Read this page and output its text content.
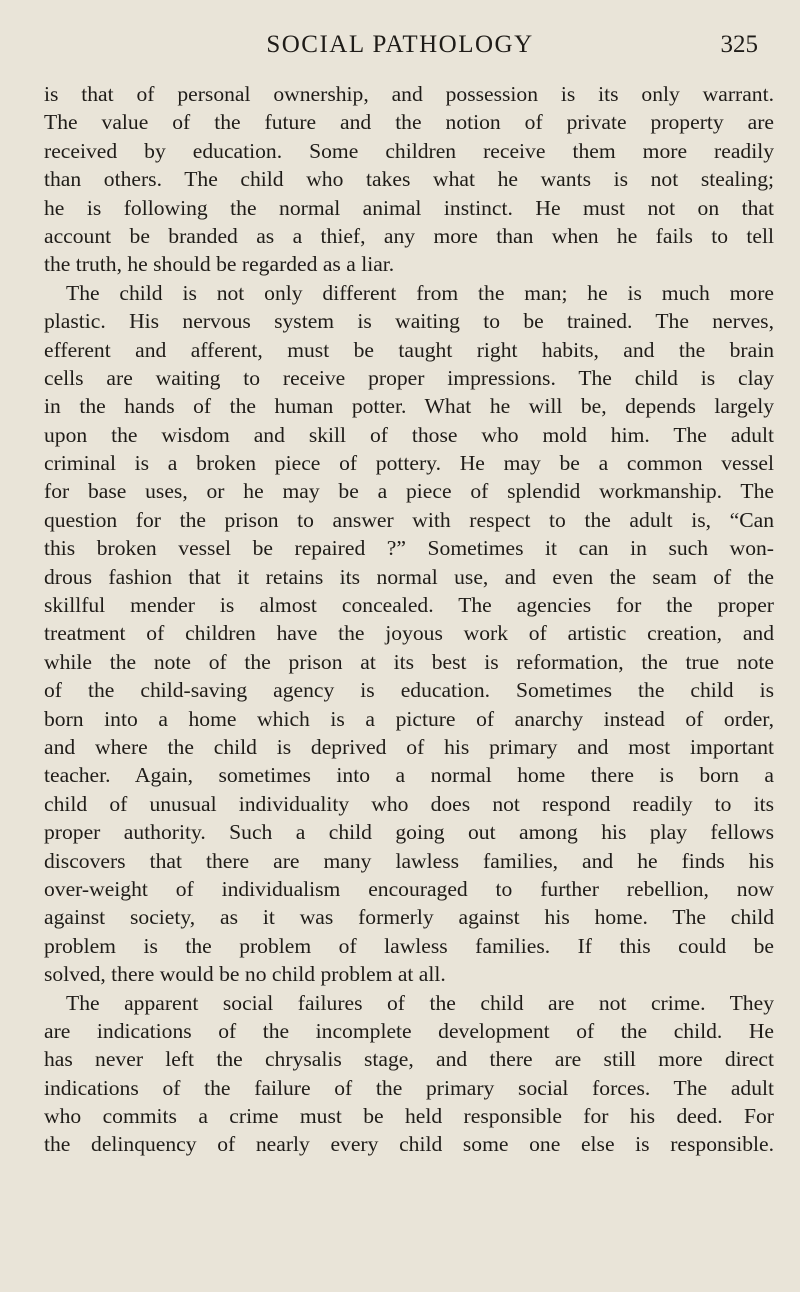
SOCIAL PATHOLOGY	325
is that of personal ownership, and possession is its only warrant.
The value of the future and the notion of private property are
received by education. Some children receive them more readily
than others. The child who takes what he wants is not stealing;
he is following the normal animal instinct. He must not on that
account be branded as a thief, any more than when he fails to tell
the truth, he should be regarded as a liar.
The child is not only different from the man; he is much more
plastic. His nervous system is waiting to be trained. The nerves,
efferent and afferent, must be taught right habits, and the brain
cells are waiting to receive proper impressions. The child is clay
in the hands of the human potter. What he will be, depends largely
upon the wisdom and skill of those who mold him. The adult
criminal is a broken piece of pottery. He may be a common vessel
for base uses, or he may be a piece of splendid workmanship. The
question for the prison to answer with respect to the adult is, “Can
this broken vessel be repaired ?” Sometimes it can in such won-
drous fashion that it retains its normal use, and even the seam of the
skillful mender is almost concealed. The agencies for the proper
treatment of children have the joyous work of artistic creation, and
while the note of the prison at its best is reformation, the true note
of the child-saving agency is education. Sometimes the child is
born into a home which is a picture of anarchy instead of order,
and where the child is deprived of his primary and most important
teacher. Again, sometimes into a normal home there is born a
child of unusual individuality who does not respond readily to its
proper authority. Such a child going out among his play fellows
discovers that there are many lawless families, and he finds his
over-weight of individualism encouraged to further rebellion, now
against society, as it was formerly against his home. The child
problem is the problem of lawless families. If this could be
solved, there would be no child problem at all.
The apparent social failures of the child are not crime. They
are indications of the incomplete development of the child. He
has never left the chrysalis stage, and there are still more direct
indications of the failure of the primary social forces. The adult
who commits a crime must be held responsible for his deed. For
the delinquency of nearly every child some one else is responsible.
